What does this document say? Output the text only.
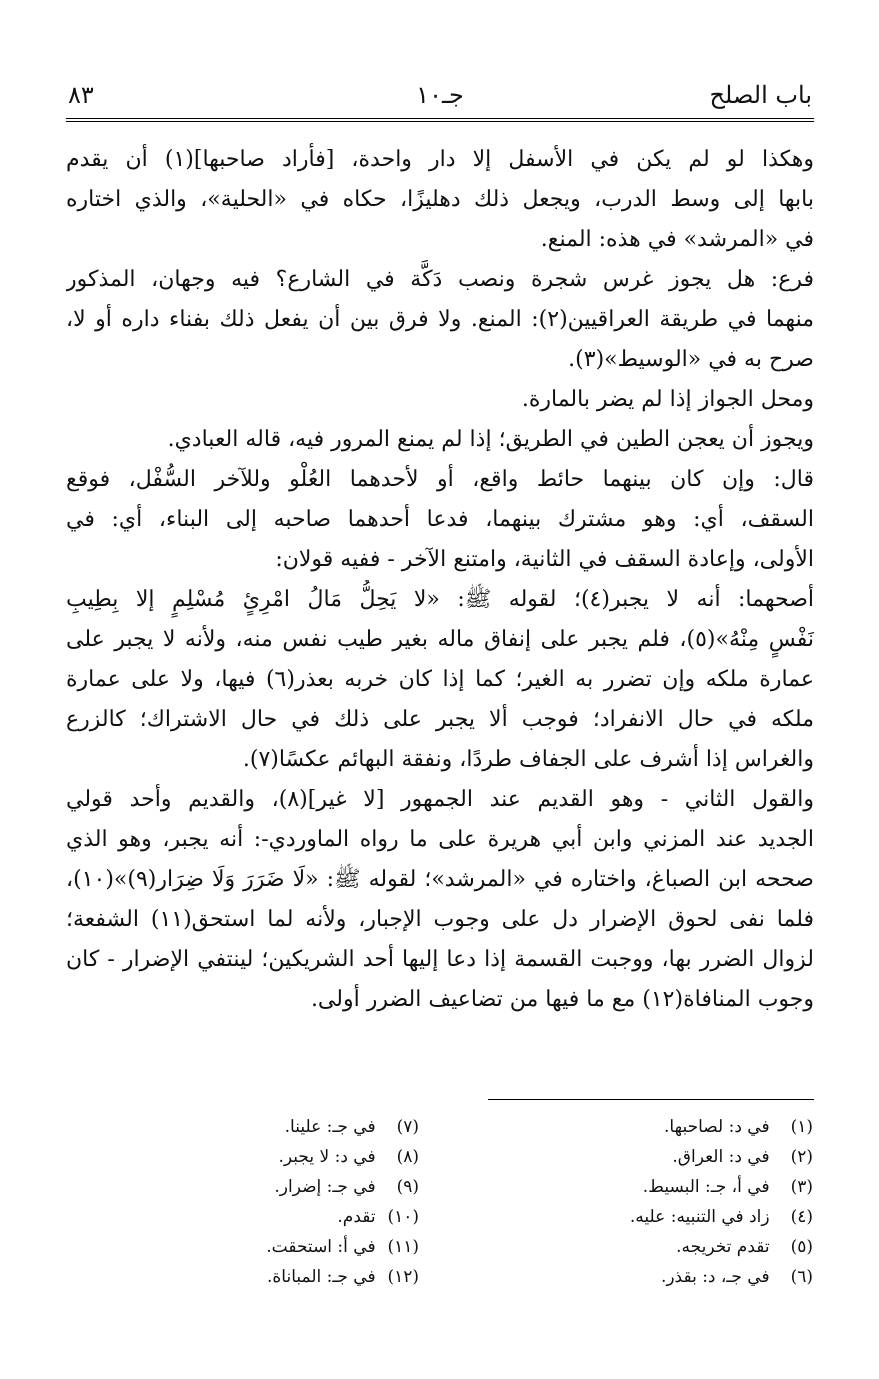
باب الصلح
جـ١٠
٨٣
وهكذا لو لم يكن في الأسفل إلا دار واحدة، [فأراد صاحبها](١) أن يقدم
بابها إلى وسط الدرب، ويجعل ذلك دهليزًا، حكاه في «الحلية»، والذي اختاره
في «المرشد» في هذه: المنع.
فرع: هل يجوز غرس شجرة ونصب دَكَّة في الشارع؟ فيه وجهان، المذكور
منهما في طريقة العراقيين(٢): المنع. ولا فرق بين أن يفعل ذلك بفناء داره أو لا،
صرح به في «الوسيط»(٣).
ومحل الجواز إذا لم يضر بالمارة.
ويجوز أن يعجن الطين في الطريق؛ إذا لم يمنع المرور فيه، قاله العبادي.
قال: وإن كان بينهما حائط واقع، أو لأحدهما العُلْو وللآخر السُّفْل، فوقع
السقف، أي: وهو مشترك بينهما، فدعا أحدهما صاحبه إلى البناء، أي: في
الأولى، وإعادة السقف في الثانية، وامتنع الآخر - ففيه قولان:
أصحهما: أنه لا يجبر(٤)؛ لقوله ﷺ: «لا يَحِلُّ مَالُ امْرِئٍ مُسْلِمٍ إلا بِطِيبِ
نَفْسٍ مِنْهُ»(٥)، فلم يجبر على إنفاق ماله بغير طيب نفس منه، ولأنه لا يجبر على
عمارة ملكه وإن تضرر به الغير؛ كما إذا كان خربه بعذر(٦) فيها، ولا على عمارة
ملكه في حال الانفراد؛ فوجب ألا يجبر على ذلك في حال الاشتراك؛ كالزرع
والغراس إذا أشرف على الجفاف طردًا، ونفقة البهائم عكسًا(٧).
والقول الثاني - وهو القديم عند الجمهور [لا غير](٨)، والقديم وأحد قولي
الجديد عند المزني وابن أبي هريرة على ما رواه الماوردي-: أنه يجبر، وهو الذي
صححه ابن الصباغ، واختاره في «المرشد»؛ لقوله ﷺ: «لَا ضَرَرَ وَلَا ضِرَار(٩)»(١٠)،
فلما نفى لحوق الإضرار دل على وجوب الإجبار، ولأنه لما استحق(١١) الشفعة؛
لزوال الضرر بها، ووجبت القسمة إذا دعا إليها أحد الشريكين؛ لينتفي الإضرار - كان
وجوب المنافاة(١٢) مع ما فيها من تضاعيف الضرر أولى.
(١) في د: لصاحبها.
(٢) في د: العراق.
(٣) في أ، جـ: البسيط.
(٤) زاد في التنبيه: عليه.
(٥) تقدم تخريجه.
(٦) في جـ، د: بقذر.
(٧) في جـ: علينا.
(٨) في د: لا يجبر.
(٩) في جـ: إضرار.
(١٠) تقدم.
(١١) في أ: استحقت.
(١٢) في جـ: المباناة.
